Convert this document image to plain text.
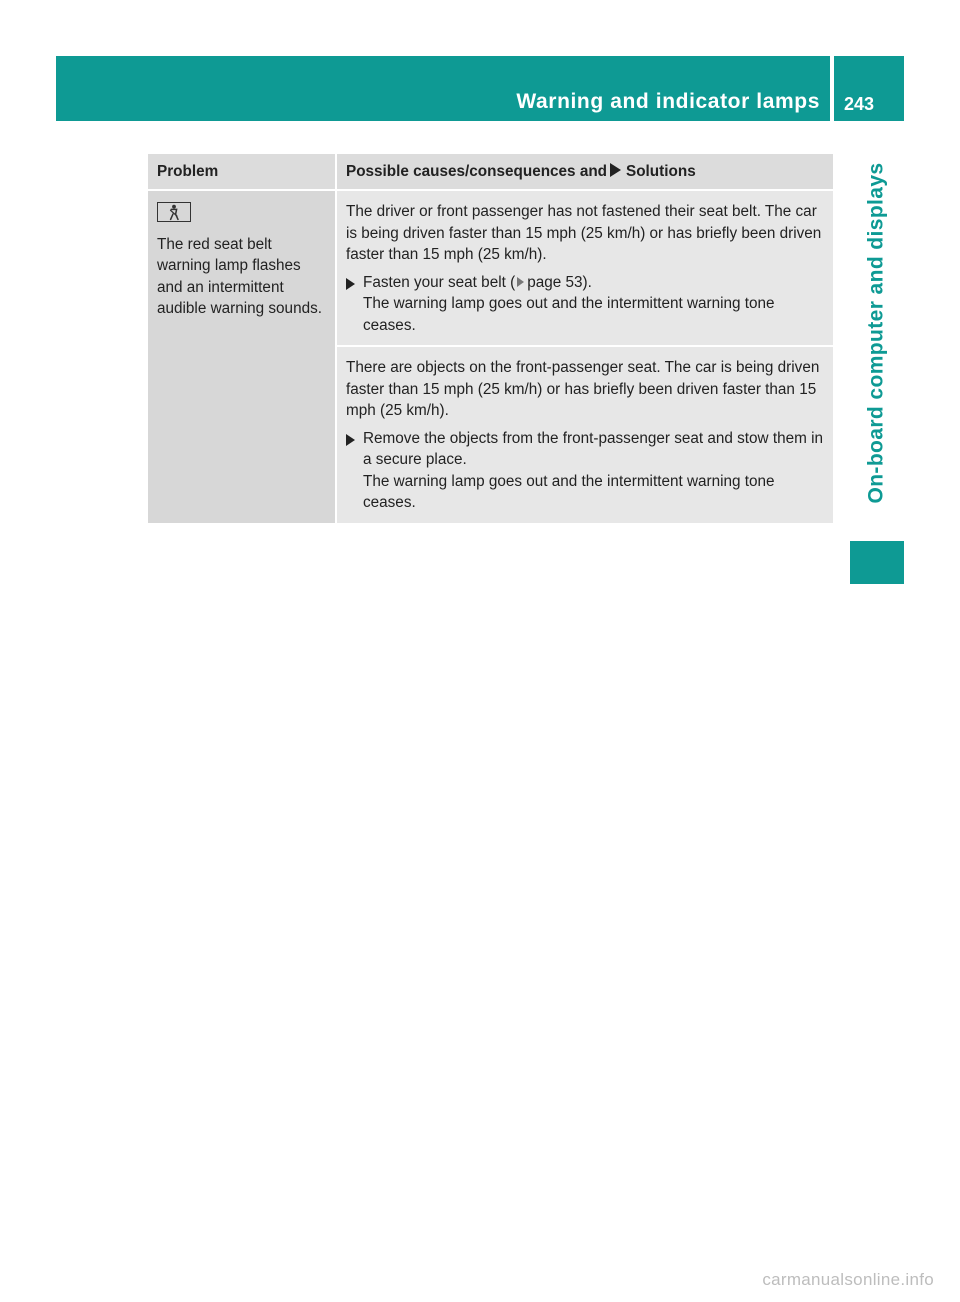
Warning and indicator lamps 243
On-board computer and displays
Problem	Possible causes/consequences and Solutions

The red seat belt warning lamp flashes and an intermittent audible warning sounds.	The driver or front passenger has not fastened their seat belt. The car is being driven faster than 15 mph (25 km/h) or has briefly been driven faster than 15 mph (25 km/h).

Fasten your seat belt ( page 53).

The warning lamp goes out and the intermittent warning tone ceases.

	There are objects on the front-passenger seat. The car is being driven faster than 15 mph (25 km/h) or has briefly been driven faster than 15 mph (25 km/h).

Remove the objects from the front-passenger seat and stow them in a secure place.

The warning lamp goes out and the intermittent warning tone ceases.

carmanualsonline.info
